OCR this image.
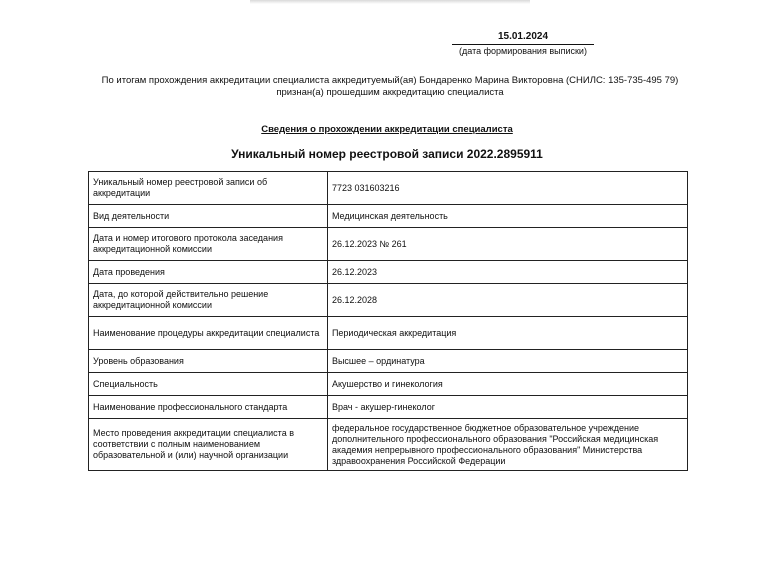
15.01.2024
(дата формирования выписки)
По итогам прохождения аккредитации специалиста аккредитуемый(ая) Бондаренко Марина Викторовна (СНИЛС: 135-735-495 79) признан(а) прошедшим аккредитацию специалиста
Сведения о прохождении аккредитации специалиста
Уникальный номер реестровой записи 2022.2895911
Уникальный номер реестровой записи об аккредитации	7723 031603216
Вид деятельности	Медицинская деятельность
Дата и номер итогового протокола заседания аккредитационной комиссии	26.12.2023 № 261
Дата проведения	26.12.2023
Дата, до которой действительно решение аккредитационной комиссии	26.12.2028
Наименование процедуры аккредитации специалиста	Периодическая аккредитация
Уровень образования	Высшее – ординатура
Специальность	Акушерство и гинекология
Наименование профессионального стандарта	Врач - акушер-гинеколог
Место проведения аккредитации специалиста в соответствии с полным наименованием образовательной и (или) научной организации	федеральное государственное бюджетное образовательное учреждение дополнительного профессионального образования "Российская медицинская академия непрерывного профессионального образования" Министерства здравоохранения Российской Федерации
